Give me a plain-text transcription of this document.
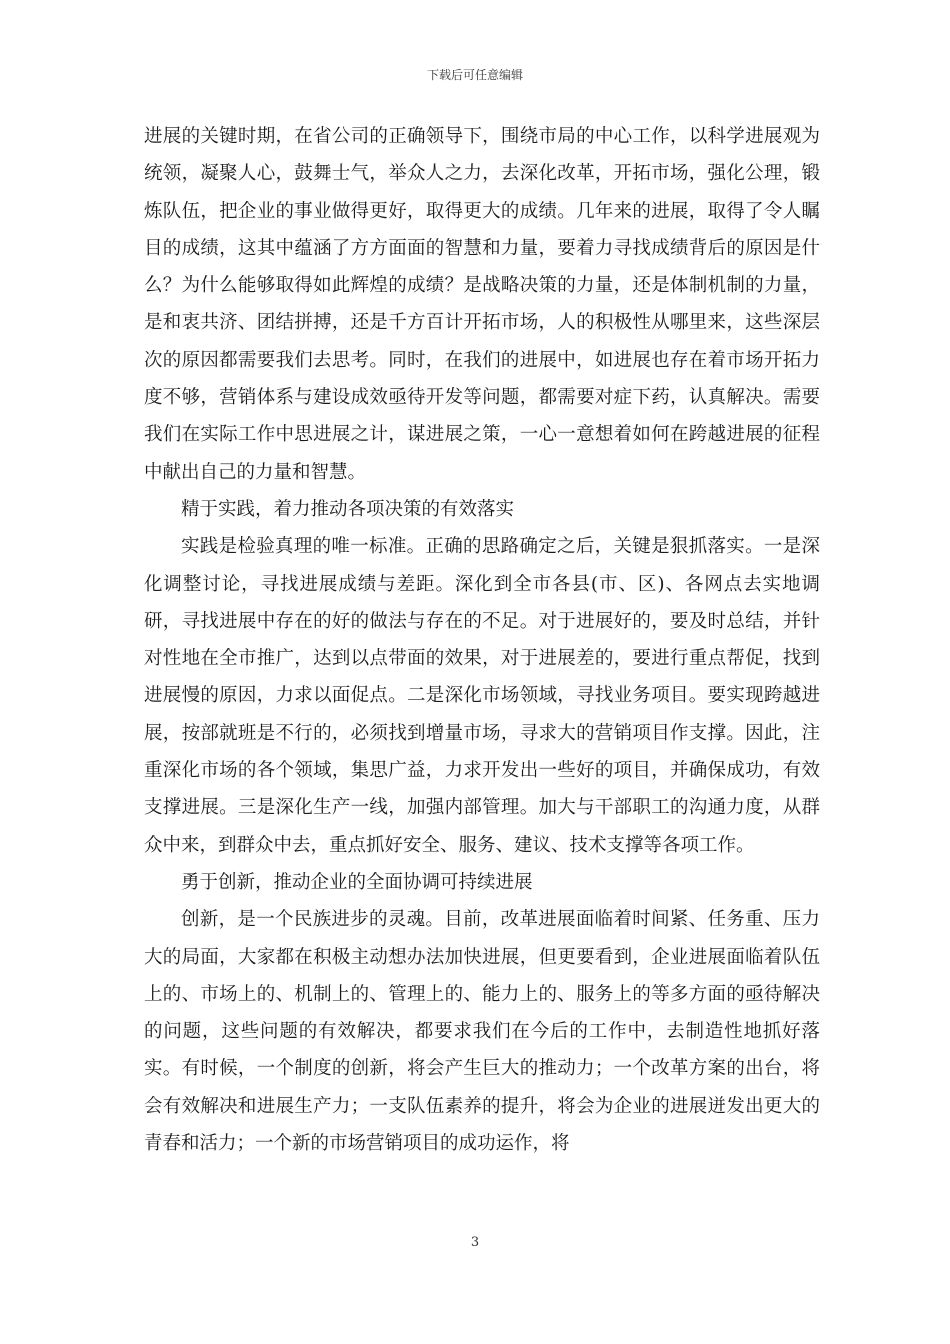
下载后可任意编辑

进展的关键时期，在省公司的正确领导下，围绕市局的中心工作，以科学进展观为统领，凝聚人心，鼓舞士气，举众人之力，去深化改革，开拓市场，强化公理，锻炼队伍，把企业的事业做得更好，取得更大的成绩。几年来的进展，取得了令人瞩目的成绩，这其中蕴涵了方方面面的智慧和力量，要着力寻找成绩背后的原因是什么？为什么能够取得如此辉煌的成绩？是战略决策的力量，还是体制机制的力量，是和衷共济、团结拼搏，还是千方百计开拓市场，人的积极性从哪里来，这些深层次的原因都需要我们去思考。同时，在我们的进展中，如进展也存在着市场开拓力度不够，营销体系与建设成效亟待开发等问题，都需要对症下药，认真解决。需要我们在实际工作中思进展之计，谋进展之策，一心一意想着如何在跨越进展的征程中献出自己的力量和智慧。

精于实践，着力推动各项决策的有效落实

实践是检验真理的唯一标准。正确的思路确定之后，关键是狠抓落实。一是深化调整讨论，寻找进展成绩与差距。深化到全市各县(市、区)、各网点去实地调研，寻找进展中存在的好的做法与存在的不足。对于进展好的，要及时总结，并针对性地在全市推广，达到以点带面的效果，对于进展差的，要进行重点帮促，找到进展慢的原因，力求以面促点。二是深化市场领域，寻找业务项目。要实现跨越进展，按部就班是不行的，必须找到增量市场，寻求大的营销项目作支撑。因此，注重深化市场的各个领域，集思广益，力求开发出一些好的项目，并确保成功，有效支撑进展。三是深化生产一线，加强内部管理。加大与干部职工的沟通力度，从群众中来，到群众中去，重点抓好安全、服务、建议、技术支撑等各项工作。

勇于创新，推动企业的全面协调可持续进展

创新，是一个民族进步的灵魂。目前，改革进展面临着时间紧、任务重、压力大的局面，大家都在积极主动想办法加快进展，但更要看到，企业进展面临着队伍上的、市场上的、机制上的、管理上的、能力上的、服务上的等多方面的亟待解决的问题，这些问题的有效解决，都要求我们在今后的工作中，去制造性地抓好落实。有时候，一个制度的创新，将会产生巨大的推动力；一个改革方案的出台，将会有效解决和进展生产力；一支队伍素养的提升，将会为企业的进展迸发出更大的青春和活力；一个新的市场营销项目的成功运作，将

3
